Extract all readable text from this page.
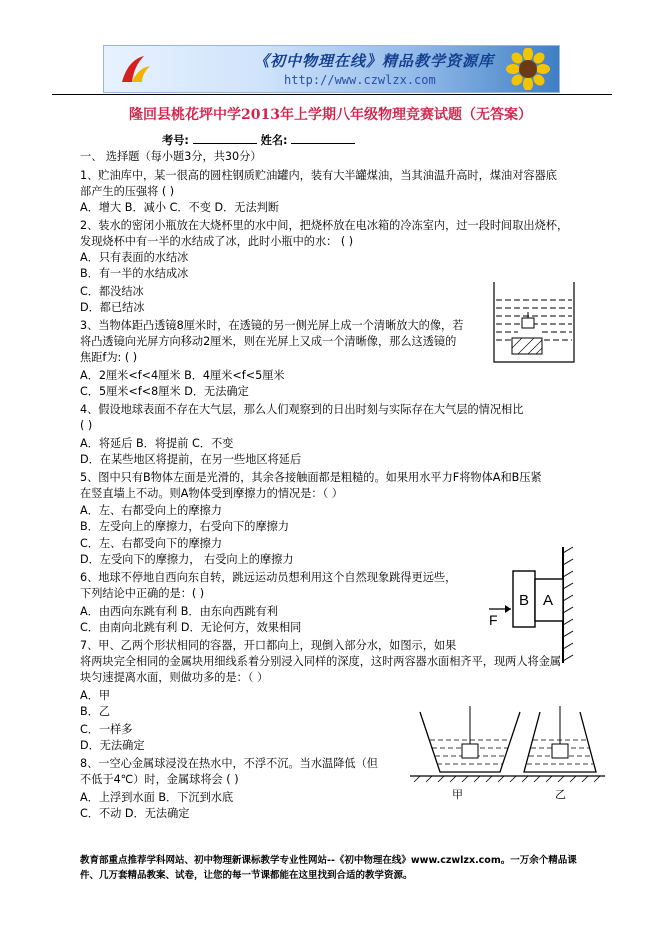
《初中物理在线》精品教学资源库
http://www.czwlzx.com
隆回县桃花坪中学2013年上学期八年级物理竞赛试题（无答案）
考号:	姓名:
一、 选择题（每小题3分，共30分）
1、贮油库中，某一很高的圆柱钢质贮油罐内，装有大半罐煤油，当其油温升高时，煤油对容器底
部产生的压强将 ( )
A．增大 B．减小 C．不变 D．无法判断
2、装水的密闭小瓶放在大烧杯里的水中间，把烧杯放在电冰箱的冷冻室内，过一段时间取出烧杯，
发现烧杯中有一半的水结成了冰，此时小瓶中的水： ( )
A．只有表面的水结冰
B．有一半的水结成冰
C．都没结冰
D．都已结冰
3、当物体距凸透镜8厘米时，在透镜的另一侧光屏上成一个清晰放大的像，若
将凸透镜向光屏方向移动2厘米，则在光屏上又成一个清晰像，那么这透镜的
焦距f为: ( )
A．2厘米<f<4厘米 B．4厘米<f<5厘米
C．5厘米<f<8厘米 D．无法确定
4、假设地球表面不存在大气层，那么人们观察到的日出时刻与实际存在大气层的情况相比
( )
A．将延后 B．将提前 C．不变
D．在某些地区将提前，在另一些地区将延后
5、图中只有B物体左面是光滑的，其余各接触面都是粗糙的。如果用水平力F将物体A和B压紧
在竖直墙上不动。则A物体受到摩擦力的情况是：（ ）
A．左、右都受向上的摩擦力
B．左受向上的摩擦力，右受向下的摩擦力
C．左、右都受向下的摩擦力
D．左受向下的摩擦力， 右受向上的摩擦力
6、地球不停地自西向东自转，跳远运动员想利用这个自然现象跳得更远些，
下列结论中正确的是：( )
A．由西向东跳有利 B．由东向西跳有利
C．由南向北跳有利 D．无论何方，效果相同
7、甲、乙两个形状相同的容器，开口都向上，现倒入部分水，如图示，如果
将两块完全相同的金属块用细线系着分别浸入同样的深度，这时两容器水面相齐平，现两人将金属
块匀速提离水面，则做功多的是：（ ）
A．甲
B．乙
C．一样多
D．无法确定
8、一空心金属球浸没在热水中，不浮不沉。当水温降低（但
不低于4℃）时，金属球将会 ( )
A．上浮到水面 B．下沉到水底
C．不动 D．无法确定
B A
F
甲	乙
教育部重点推荐学科网站、初中物理新课标教学专业性网站--《初中物理在线》www.czwlzx.com。一万余个精品课件、几万套精品教案、试卷，让您的每一节课都能在这里找到合适的教学资源。
